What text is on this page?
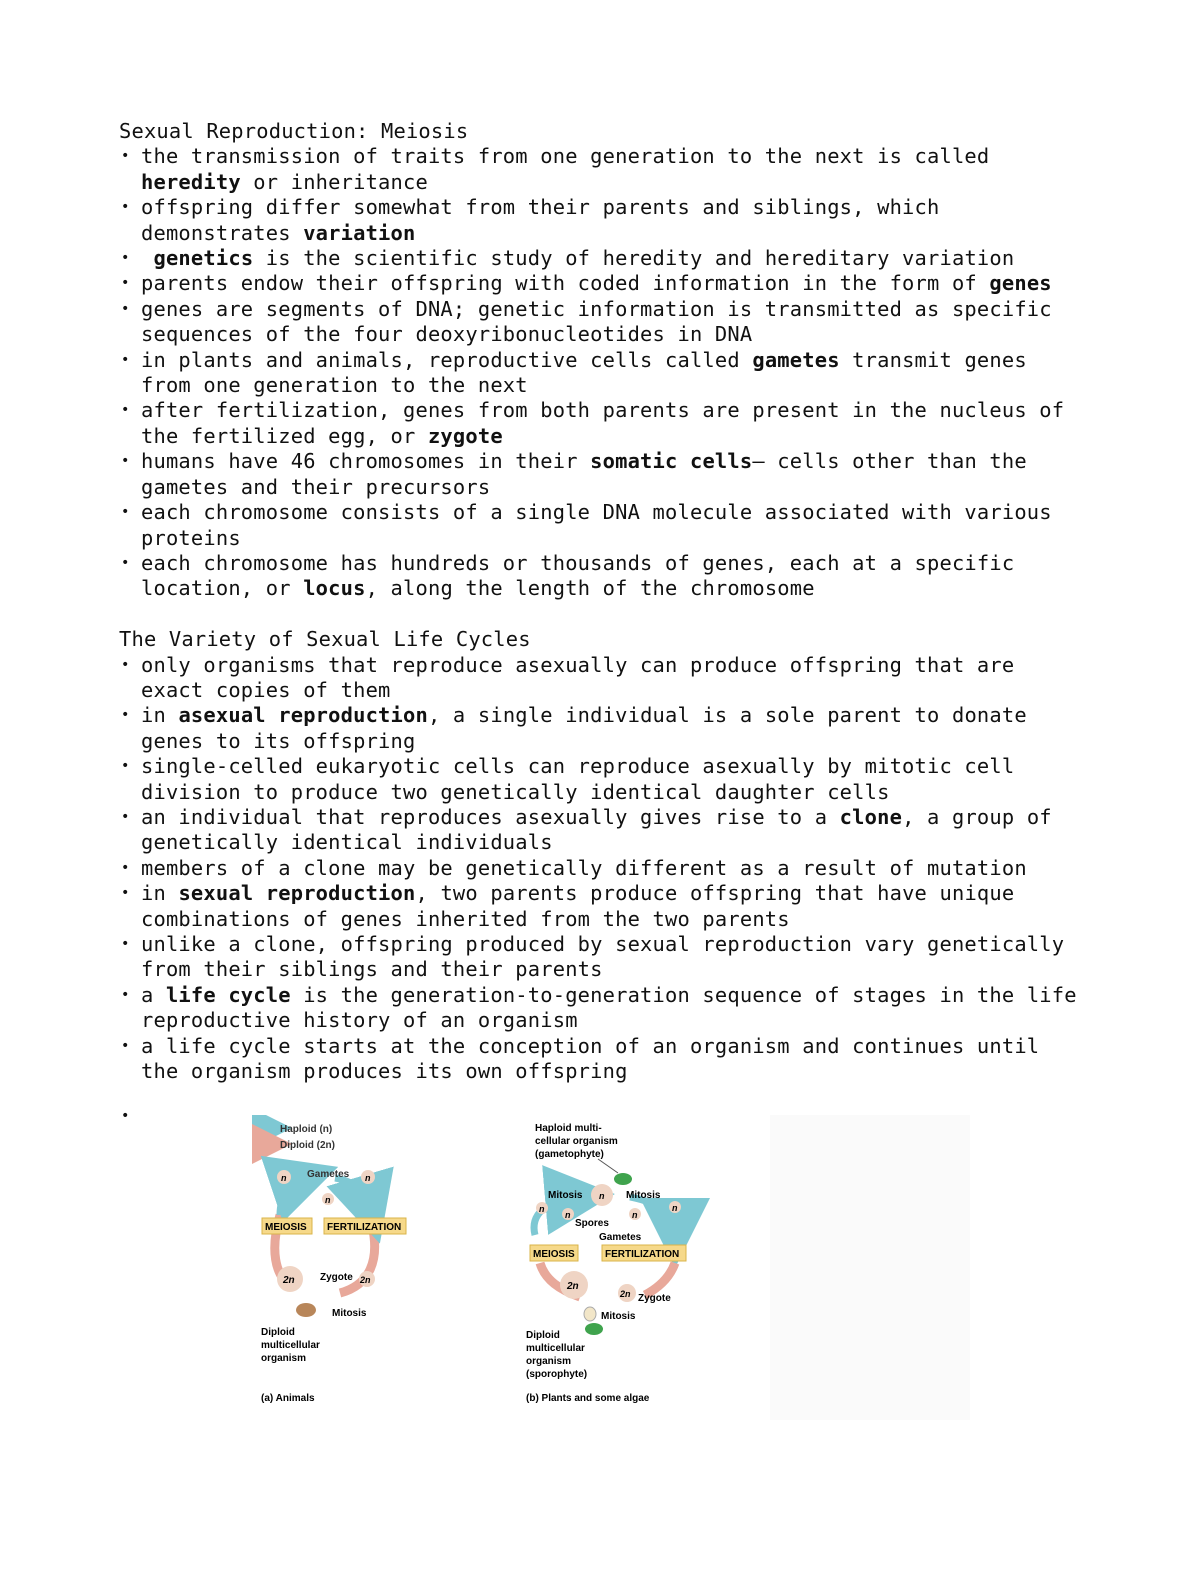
Sexual Reproduction: Meiosis
• the transmission of traits from one generation to the next is called heredity or inheritance
• offspring differ somewhat from their parents and siblings, which demonstrates variation
• genetics is the scientific study of heredity and hereditary variation
• parents endow their offspring with coded information in the form of genes
• genes are segments of DNA; genetic information is transmitted as specific sequences of the four deoxyribonucleotides in DNA
• in plants and animals, reproductive cells called gametes transmit genes from one generation to the next
• after fertilization, genes from both parents are present in the nucleus of the fertilized egg, or zygote
• humans have 46 chromosomes in their somatic cells– cells other than the gametes and their precursors
• each chromosome consists of a single DNA molecule associated with various proteins
• each chromosome has hundreds or thousands of genes, each at a specific location, or locus, along the length of the chromosome
The Variety of Sexual Life Cycles
• only organisms that reproduce asexually can produce offspring that are exact copies of them
• in asexual reproduction, a single individual is a sole parent to donate genes to its offspring
• single-celled eukaryotic cells can reproduce asexually by mitotic cell division to produce two genetically identical daughter cells
• an individual that reproduces asexually gives rise to a clone, a group of genetically identical individuals
• members of a clone may be genetically different as a result of mutation
• in sexual reproduction, two parents produce offspring that have unique combinations of genes inherited from the two parents
• unlike a clone, offspring produced by sexual reproduction vary genetically from their siblings and their parents
• a life cycle is the generation-to-generation sequence of stages in the life reproductive history of an organism
• a life cycle starts at the conception of an organism and continues until the organism produces its own offspring
•
Haploid (n)
Diploid (2n)
n Gametes n
n
MEIOSIS FERTILIZATION
2n	Zygote 2n
Mitosis
Diploid
multicellular
organism
(a) Animals
Haploid multi-
cellular organism
(gametophyte)
Mitosis n Mitosis
n
n	n
n
Spores
Gametes
MEIOSIS	FERTILIZATION
2n
2n Zygote
Mitosis
Diploid
multicellular
organism
(sporophyte)
(b) Plants and some algae
